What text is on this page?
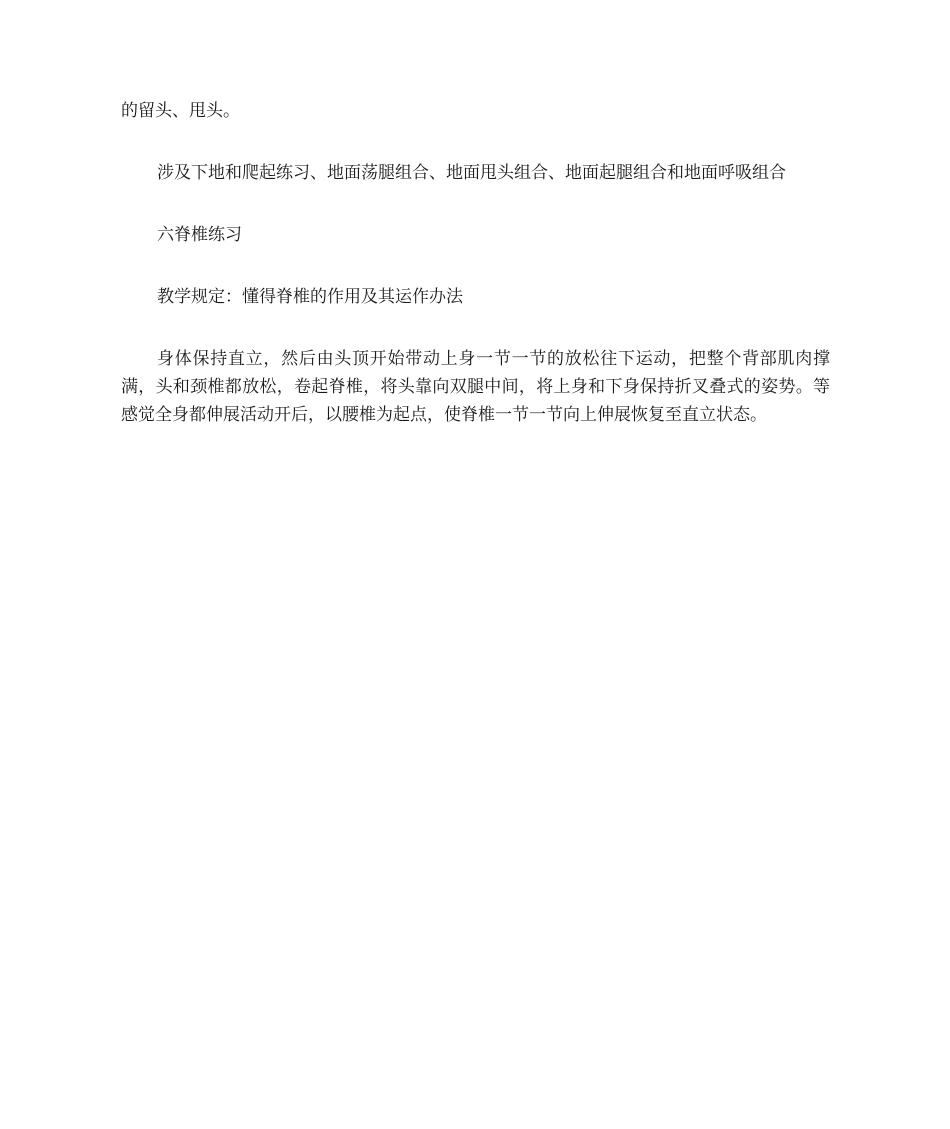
的留头、甩头。

涉及下地和爬起练习、地面荡腿组合、地面甩头组合、地面起腿组合和地面呼吸组合

六脊椎练习

教学规定：懂得脊椎的作用及其运作办法

身体保持直立，然后由头顶开始带动上身一节一节的放松往下运动，把整个背部肌肉撑满，头和颈椎都放松，卷起脊椎，将头靠向双腿中间，将上身和下身保持折叉叠式的姿势。等感觉全身都伸展活动开后，以腰椎为起点，使脊椎一节一节向上伸展恢复至直立状态。
